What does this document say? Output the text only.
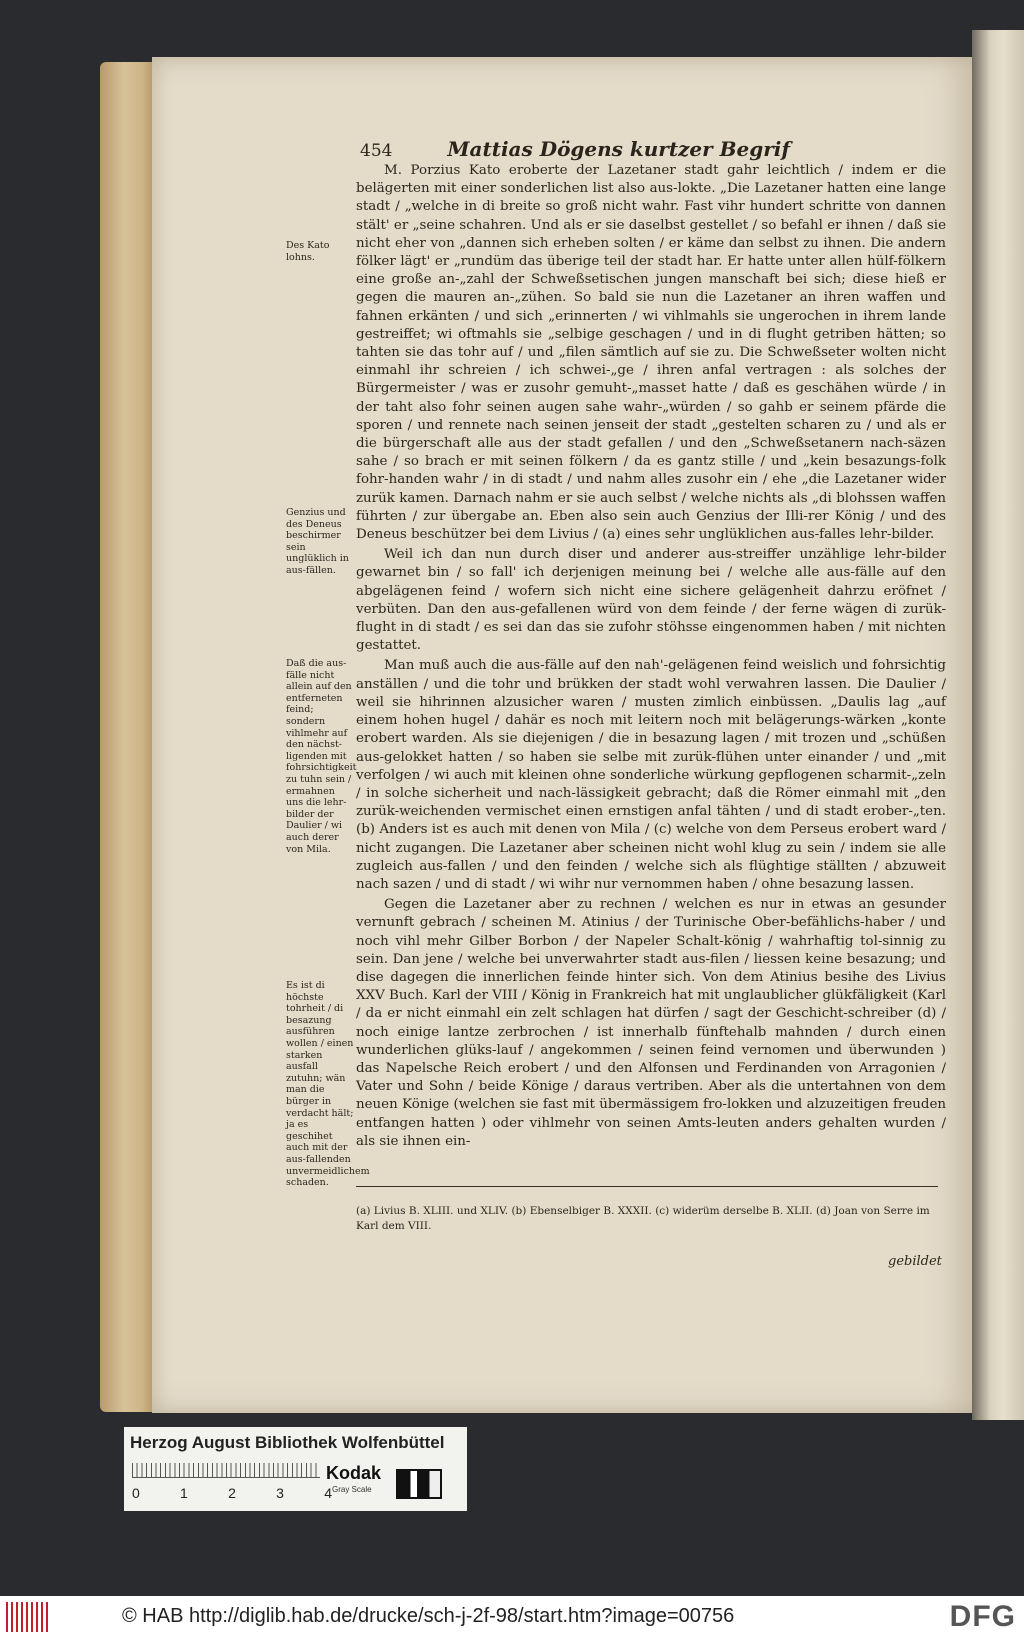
454	Mattias Dögens kurtzer Begrif

M. Porzius Kato eroberte der Lazetaner stadt gahr leichtlich / indem er die belägerten mit einer sonderlichen list also aus-lokte. „Die Lazetaner hatten eine lange stadt / „welche in di breite so groß nicht wahr. Fast vihr hundert schritte von dannen stält' er „seine schahren. Und als er sie daselbst gestellet / so befahl er ihnen / daß sie nicht eher von „dannen sich erheben solten / er käme dan selbst zu ihnen. Die andern fölker lägt' er „rundüm das überige teil der stadt har. Er hatte unter allen hülf-fölkern eine große an-„zahl der Schweßsetischen jungen manschaft bei sich; diese hieß er gegen die mauren an-„zühen. So bald sie nun die Lazetaner an ihren waffen und fahnen erkänten / und sich „erinnerten / wi vihlmahls sie ungerochen in ihrem lande gestreiffet; wi oftmahls sie „selbige geschagen / und in di flught getriben hätten; so tahten sie das tohr auf / und „filen sämtlich auf sie zu. Die Schweßseter wolten nicht einmahl ihr schreien / ich schwei-„ge / ihren anfal vertragen : als solches der Bürgermeister / was er zusohr gemuht-„masset hatte / daß es geschähen würde / in der taht also fohr seinen augen sahe wahr-„würden / so gahb er seinem pfärde die sporen / und rennete nach seinen jenseit der stadt „gestelten scharen zu / und als er die bürgerschaft alle aus der stadt gefallen / und den „Schweßsetanern nach-säzen sahe / so brach er mit seinen fölkern / da es gantz stille / und „kein besazungs-folk fohr-handen wahr / in di stadt / und nahm alles zusohr ein / ehe „die Lazetaner wider zurük kamen. Darnach nahm er sie auch selbst / welche nichts als „di blohssen waffen führten / zur übergabe an. Eben also sein auch Genzius der Illi-rer König / und des Deneus beschützer bei dem Livius / (a) eines sehr unglüklichen aus-falles lehr-bilder.

Weil ich dan nun durch diser und anderer aus-streiffer unzählige lehr-bilder gewarnet bin / so fall' ich derjenigen meinung bei / welche alle aus-fälle auf den abgelägenen feind / wofern sich nicht eine sichere gelägenheit dahrzu eröfnet / verbüten. Dan den aus-gefallenen würd von dem feinde / der ferne wägen di zurük-flught in di stadt / es sei dan das sie zufohr stöhsse eingenommen haben / mit nichten gestattet.

Man muß auch die aus-fälle auf den nah'-gelägenen feind weislich und fohrsichtig anställen / und die tohr und brükken der stadt wohl verwahren lassen. Die Daulier / weil sie hihrinnen alzusicher waren / musten zimlich einbüssen. „Daulis lag „auf einem hohen hugel / dahär es noch mit leitern noch mit belägerungs-wärken „konte erobert warden. Als sie diejenigen / die in besazung lagen / mit trozen und „schüßen aus-gelokket hatten / so haben sie selbe mit zurük-flühen unter einander / und „mit verfolgen / wi auch mit kleinen ohne sonderliche würkung gepflogenen scharmit-„zeln / in solche sicherheit und nach-lässigkeit gebracht; daß die Römer einmahl mit „den zurük-weichenden vermischet einen ernstigen anfal tähten / und di stadt erober-„ten. (b) Anders ist es auch mit denen von Mila / (c) welche von dem Perseus erobert ward / nicht zugangen. Die Lazetaner aber scheinen nicht wohl klug zu sein / indem sie alle zugleich aus-fallen / und den feinden / welche sich als flüghtige ställten / abzuweit nach sazen / und di stadt / wi wihr nur vernommen haben / ohne besazung lassen.

Gegen die Lazetaner aber zu rechnen / welchen es nur in etwas an gesunder vernunft gebrach / scheinen M. Atinius / der Turinische Ober-befählichs-haber / und noch vihl mehr Gilber Borbon / der Napeler Schalt-könig / wahrhaftig tol-sinnig zu sein. Dan jene / welche bei unverwahrter stadt aus-filen / liessen keine besazung; und dise dagegen die innerlichen feinde hinter sich. Von dem Atinius besihe des Livius XXV Buch. Karl der VIII / König in Frankreich hat mit unglaublicher glükfäligkeit (Karl / da er nicht einmahl ein zelt schlagen hat dürfen / sagt der Geschicht-schreiber (d) / noch einige lantze zerbrochen / ist innerhalb fünftehalb mahnden / durch einen wunderlichen glüks-lauf / angekommen / seinen feind vernomen und überwunden ) das Napelsche Reich erobert / und den Alfonsen und Ferdinanden von Arragonien / Vater und Sohn / beide Könige / daraus vertriben. Aber als die untertahnen von dem neuen Könige (welchen sie fast mit übermässigem fro-lokken und alzuzeitigen freuden entfangen hatten ) oder vihlmehr von seinen Amts-leuten anders gehalten wurden / als sie ihnen ein-

Des Kato lohns.
Genzius und des Deneus beschirmer sein unglüklich in aus-fällen.
Daß die aus-fälle nicht allein auf den entferneten feind; sondern vihlmehr auf den nächst-ligenden mit fohrsichtigkeit zu tuhn sein / ermahnen uns die lehr-bilder der Daulier / wi auch derer von Mila.
Es ist di höchste tohrheit / di besazung ausführen wollen / einen starken ausfall zutuhn; wän man die bürger in verdacht hält; ja es geschihet auch mit der aus-fallenden unvermeidlichem schaden.
(a) Livius B. XLIII. und XLIV. (b) Ebenselbiger B. XXXII. (c) widerüm derselbe B. XLII. (d) Joan von Serre im Karl dem VIII.
gebildet
Herzog August Bibliothek Wolfenbüttel
0	1	2	3	4
Kodak
Gray Scale
© HAB http://diglib.hab.de/drucke/sch-j-2f-98/start.htm?image=00756	DFG
